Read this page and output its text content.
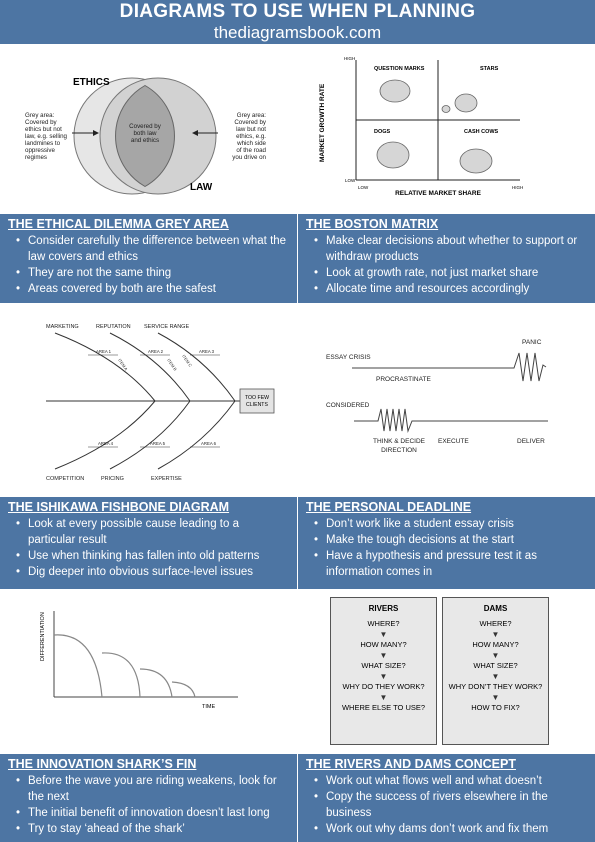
DIAGRAMS TO USE WHEN PLANNING
thediagramsbook.com
ETHICS
LAW
Grey area:
Covered by
ethics but not
law, e.g. selling
landmines to
oppressive
regimes
Grey area:
Covered by
law but not
ethics, e.g.
which side
of the road
you drive on
Covered by
both law
and ethics	MARKET GROWTH RATE
RELATIVE MARKET SHARE
HIGH
LOW
LOW	HIGH
QUESTION MARKS	STARS
DOGS	CASH COWS
THE ETHICAL DILEMMA GREY AREA
• Consider carefully the difference between what the law covers and ethics
• They are not the same thing
• Areas covered by both are the safest
THE BOSTON MATRIX
• Make clear decisions about whether to support or withdraw products
• Look at growth rate, not just market share
• Allocate time and resources accordingly
TOO FEW
CLIENTS
MARKETING	REPUTATION SERVICE RANGE
COMPETITION	PRICING	EXPERTISE
AREA 1	AREA 2	AREA 3
AREA 4	AREA 5	AREA 6
ITEM A	ITEM B ITEM C
PANIC
ESSAY CRISIS
PROCRASTINATE
CONSIDERED
THINK & DECIDE
DIRECTION
EXECUTE	DELIVER
THE ISHIKAWA FISHBONE DIAGRAM
• Look at every possible cause leading to a particular result
• Use when thinking has fallen into old patterns
• Dig deeper into obvious surface-level issues
THE PERSONAL DEADLINE
• Don’t work like a student essay crisis
• Make the tough decisions at the start
• Have a hypothesis and pressure test it as information comes in
DIFFERENTIATION
TIME
RIVERS
WHERE?
▼
HOW MANY?
▼
WHAT SIZE?
▼
WHY DO THEY WORK?
▼
WHERE ELSE TO USE?
DAMS
WHERE?
▼
HOW MANY?
▼
WHAT SIZE?
▼
WHY DON’T THEY WORK?
▼
HOW TO FIX?
THE INNOVATION SHARK’S FIN
• Before the wave you are riding weakens, look for the next
• The initial benefit of innovation doesn’t last long
• Try to stay ‘ahead of the shark’
THE RIVERS AND DAMS CONCEPT
• Work out what flows well and what doesn’t
• Copy the success of rivers elsewhere in the business
• Work out why dams don’t work and fix them
